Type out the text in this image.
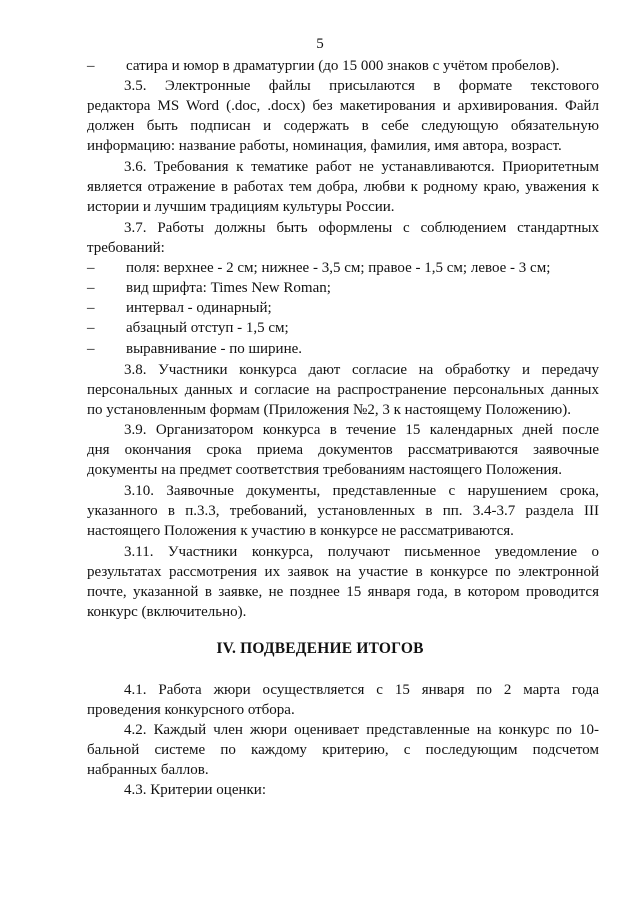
5
–	сатира и юмор в драматургии (до 15 000 знаков с учётом пробелов).
3.5. Электронные файлы присылаются в формате текстового
редактора MS Word (.doc, .docx) без макетирования и архивирования. Файл
должен быть подписан и содержать в себе следующую обязательную
информацию: название работы, номинация, фамилия, имя автора, возраст.
3.6. Требования к тематике работ не устанавливаются. Приоритетным
является отражение в работах тем добра, любви к родному краю, уважения к
истории и лучшим традициям культуры России.
3.7. Работы должны быть оформлены с соблюдением стандартных
требований:
–	поля: верхнее - 2 см; нижнее - 3,5 см; правое - 1,5 см; левое - 3 см;
–	вид шрифта: Times New Roman;
–	интервал - одинарный;
–	абзацный отступ - 1,5 см;
–	выравнивание - по ширине.
3.8. Участники конкурса дают согласие на обработку и передачу
персональных данных и согласие на распространение персональных данных
по установленным формам (Приложения №2, 3 к настоящему Положению).
3.9. Организатором конкурса в течение 15 календарных дней после
дня окончания срока приема документов рассматриваются заявочные
документы на предмет соответствия требованиям настоящего Положения.
3.10. Заявочные документы, представленные с нарушением срока,
указанного в п.3.3, требований, установленных в пп. 3.4-3.7 раздела III
настоящего Положения к участию в конкурсе не рассматриваются.
3.11. Участники конкурса, получают письменное уведомление о
результатах рассмотрения их заявок на участие в конкурсе по электронной
почте, указанной в заявке, не позднее 15 января года, в котором проводится
конкурс (включительно).
IV. ПОДВЕДЕНИЕ ИТОГОВ
4.1. Работа жюри осуществляется с 15 января по 2 марта года
проведения конкурсного отбора.
4.2. Каждый член жюри оценивает представленные на конкурс по 10-
бальной системе по каждому критерию, с последующим подсчетом
набранных баллов.
4.3. Критерии оценки:
